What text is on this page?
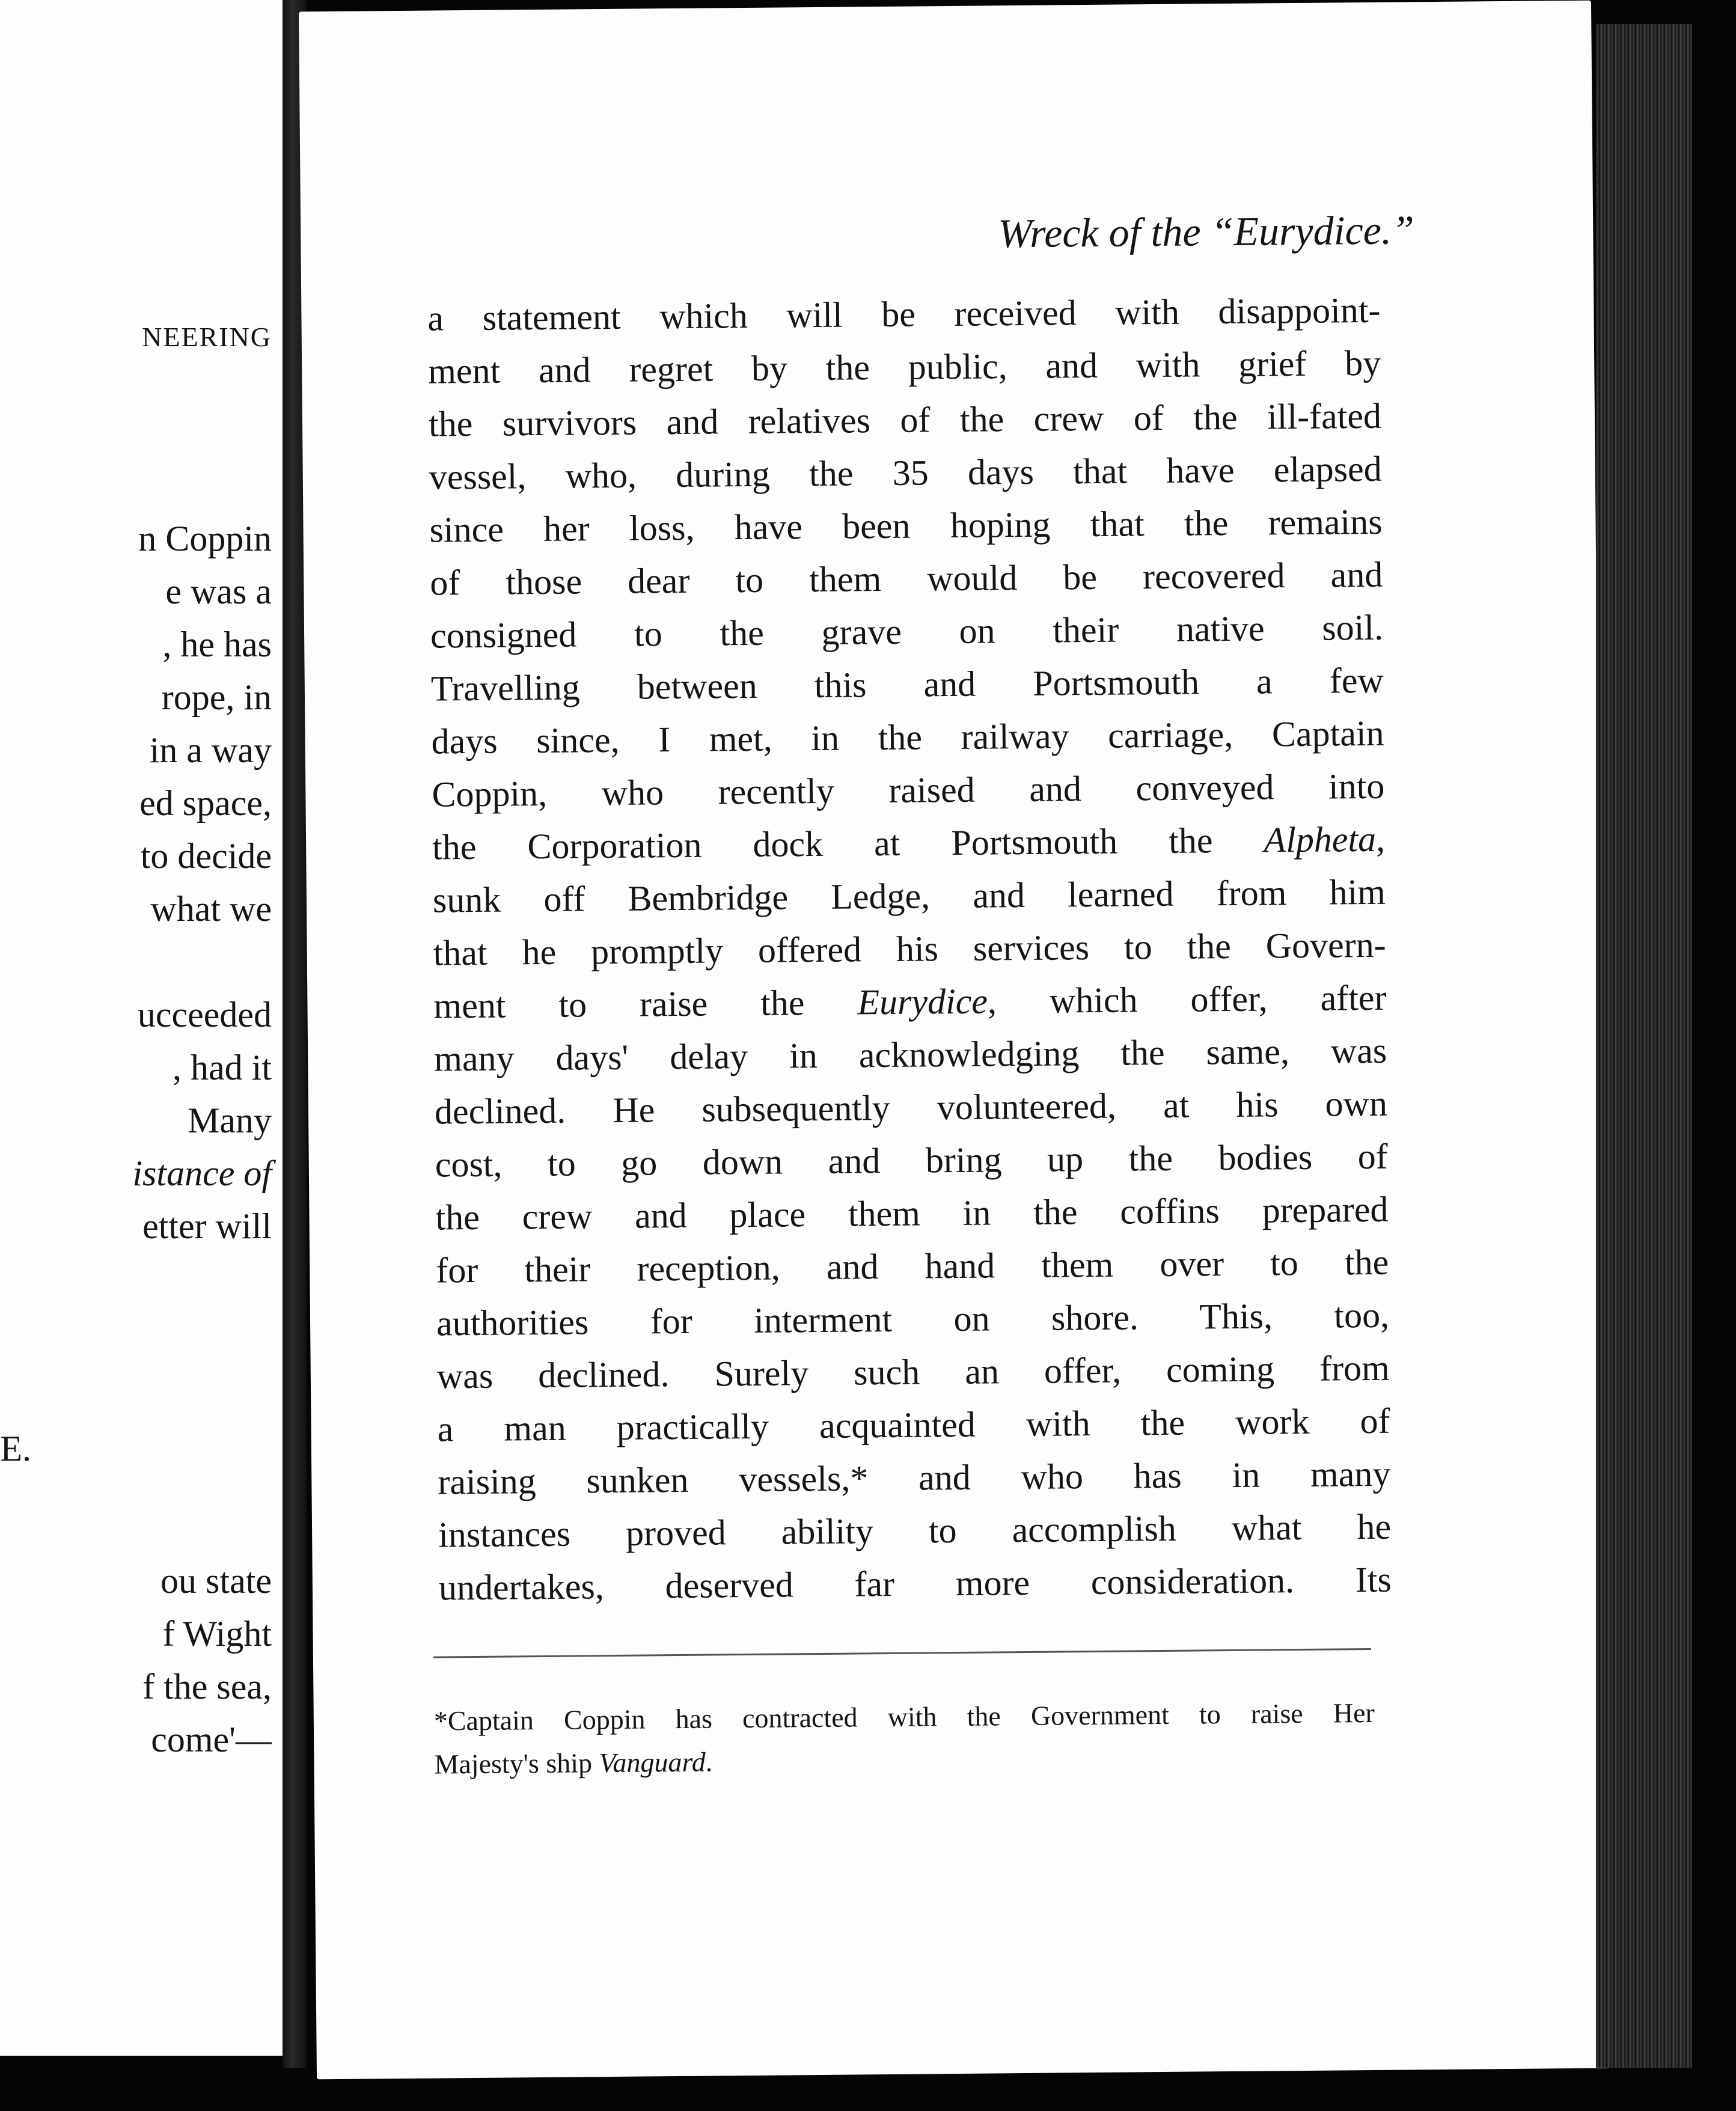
NEERING
n Coppin
e was a
, he has
rope, in
in a way
ed space,
to decide
what we
ucceeded
, had it
Many
istance of
etter will
E.
ou state
f Wight
f the sea,
come'—
Wreck of the “Eurydice.”
a statement which will be received with disappoint-
ment and regret by the public, and with grief by
the survivors and relatives of the crew of the ill-fated
vessel, who, during the 35 days that have elapsed
since her loss, have been hoping that the remains
of those dear to them would be recovered and
consigned to the grave on their native soil.
Travelling between this and Portsmouth a few
days since, I met, in the railway carriage, Captain
Coppin, who recently raised and conveyed into
the Corporation dock at Portsmouth the Alpheta,
sunk off Bembridge Ledge, and learned from him
that he promptly offered his services to the Govern-
ment to raise the Eurydice, which offer, after
many days' delay in acknowledging the same, was
declined. He subsequently volunteered, at his own
cost, to go down and bring up the bodies of
the crew and place them in the coffins prepared
for their reception, and hand them over to the
authorities for interment on shore. This, too,
was declined. Surely such an offer, coming from
a man practically acquainted with the work of
raising sunken vessels,* and who has in many
instances proved ability to accomplish what he
undertakes, deserved far more consideration. Its
*Captain Coppin has contracted with the Government to raise Her
Majesty's ship Vanguard.
